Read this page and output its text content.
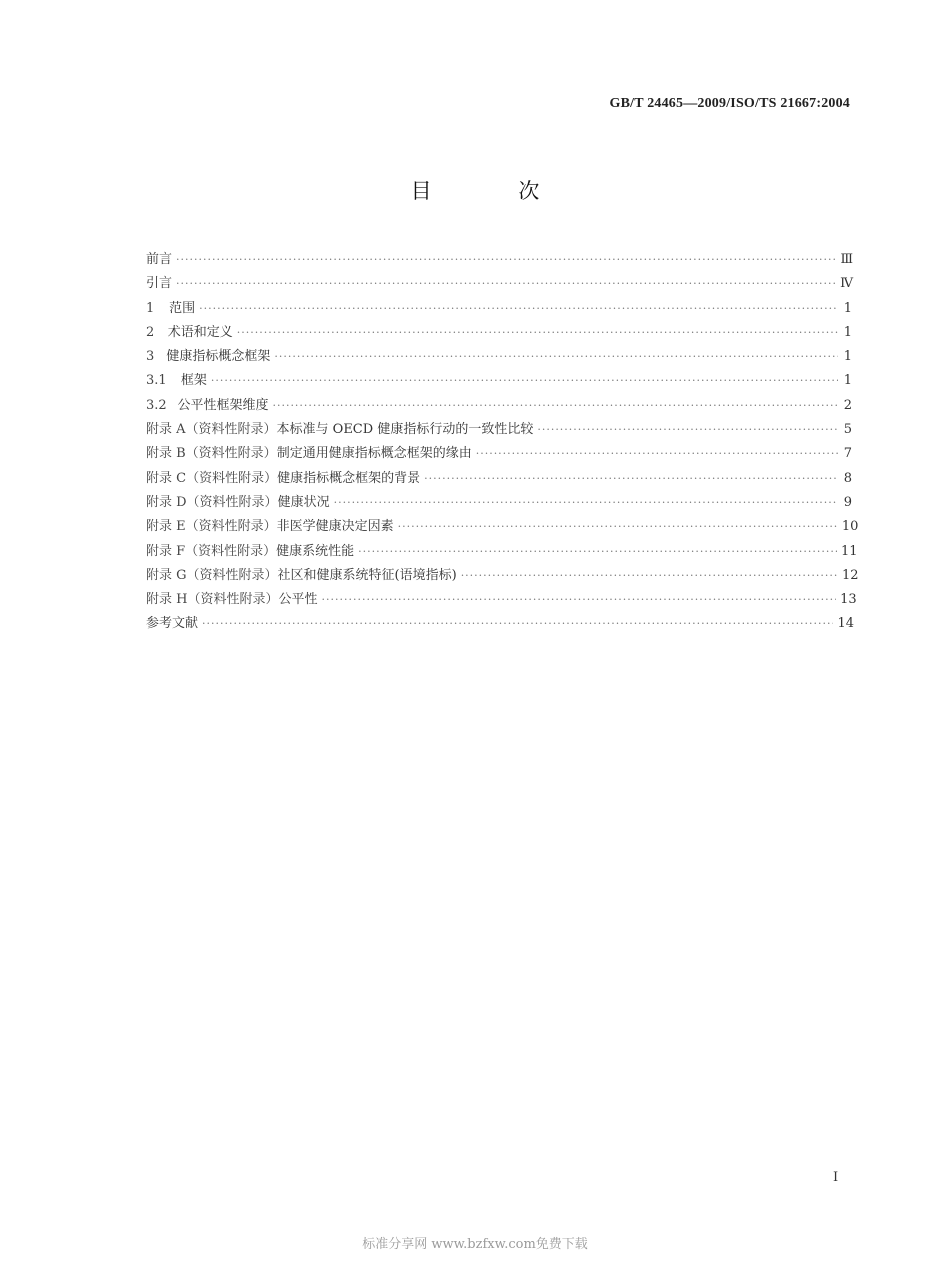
GB/T 24465—2009/ISO/TS 21667:2004
目 次
前言 ·····	Ⅲ
引言 ·····	Ⅳ
1	范围 ·····	1
2	术语和定义 ·····	1
3 健康指标概念框架 ·····	1
3.1	框架 ·····	1
3.2 公平性框架维度 ·····	2
附录 A（资料性附录） 本标准与 OECD 健康指标行动的一致性比较 ·····	5
附录 B（资料性附录） 制定通用健康指标概念框架的缘由 ·····	7
附录 C（资料性附录） 健康指标概念框架的背景 ·····	8
附录 D（资料性附录） 健康状况 ·····	9
附录 E（资料性附录） 非医学健康决定因素 ·····	10
附录 F（资料性附录） 健康系统性能 ·····	11
附录 G（资料性附录） 社区和健康系统特征(语境指标) ·····	12
附录 H（资料性附录） 公平性 ·····	13
参考文献 ·····	14
I
标准分享网 www.bzfxw.com免费下载
